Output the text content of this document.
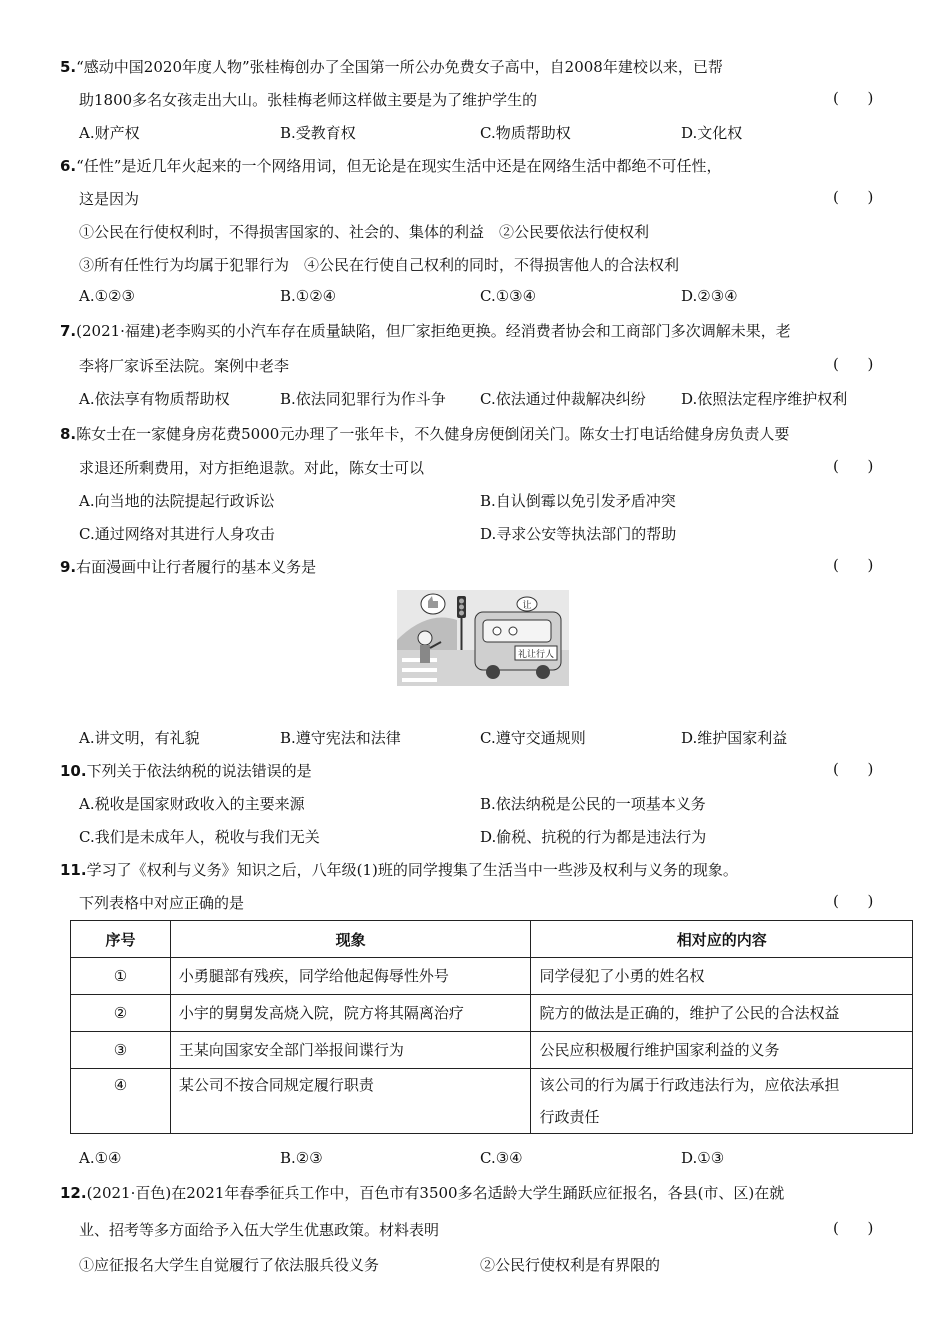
5.“感动中国2020年度人物”张桂梅创办了全国第一所公办免费女子高中，自2008年建校以来，已帮
助1800多名女孩走出大山。张桂梅老师这样做主要是为了维护学生的	(      )
A.财产权	B.受教育权	C.物质帮助权	D.文化权
6.“任性”是近几年火起来的一个网络用词，但无论是在现实生活中还是在网络生活中都绝不可任性，
这是因为	(      )
①公民在行使权利时，不得损害国家的、社会的、集体的利益　②公民要依法行使权利
③所有任性行为均属于犯罪行为　④公民在行使自己权利的同时，不得损害他人的合法权利
A.①②③	B.①②④	C.①③④	D.②③④
7.(2021·福建)老李购买的小汽车存在质量缺陷，但厂家拒绝更换。经消费者协会和工商部门多次调解未果，老
李将厂家诉至法院。案例中老李	(      )
A.依法享有物质帮助权	B.依法同犯罪行为作斗争 C.依法通过仲裁解决纠纷 D.依照法定程序维护权利
8.陈女士在一家健身房花费5000元办理了一张年卡，不久健身房便倒闭关门。陈女士打电话给健身房负责人要
求退还所剩费用，对方拒绝退款。对此，陈女士可以	(      )
A.向当地的法院提起行政诉讼	B.自认倒霉以免引发矛盾冲突
C.通过网络对其进行人身攻击	D.寻求公安等执法部门的帮助
9.右面漫画中让行者履行的基本义务是	(      )
礼让行人
让
A.讲文明，有礼貌	B.遵守宪法和法律	C.遵守交通规则	D.维护国家利益
10.下列关于依法纳税的说法错误的是	(      )
A.税收是国家财政收入的主要来源	B.依法纳税是公民的一项基本义务
C.我们是未成年人，税收与我们无关	D.偷税、抗税的行为都是违法行为
11.学习了《权利与义务》知识之后，八年级(1)班的同学搜集了生活当中一些涉及权利与义务的现象。
下列表格中对应正确的是	(      )
序号	现象	相对应的内容
①	小勇腿部有残疾，同学给他起侮辱性外号	同学侵犯了小勇的姓名权
②	小宇的舅舅发高烧入院，院方将其隔离治疗	院方的做法是正确的，维护了公民的合法权益
③	王某向国家安全部门举报间谍行为	公民应积极履行维护国家利益的义务
④	某公司不按合同规定履行职责	该公司的行为属于行政违法行为，应依法承担
行政责任
A.①④	B.②③	C.③④	D.①③
12.(2021·百色)在2021年春季征兵工作中，百色市有3500多名适龄大学生踊跃应征报名，各县(市、区)在就
业、招考等多方面给予入伍大学生优惠政策。材料表明	(      )
①应征报名大学生自觉履行了依法服兵役义务	②公民行使权利是有界限的
